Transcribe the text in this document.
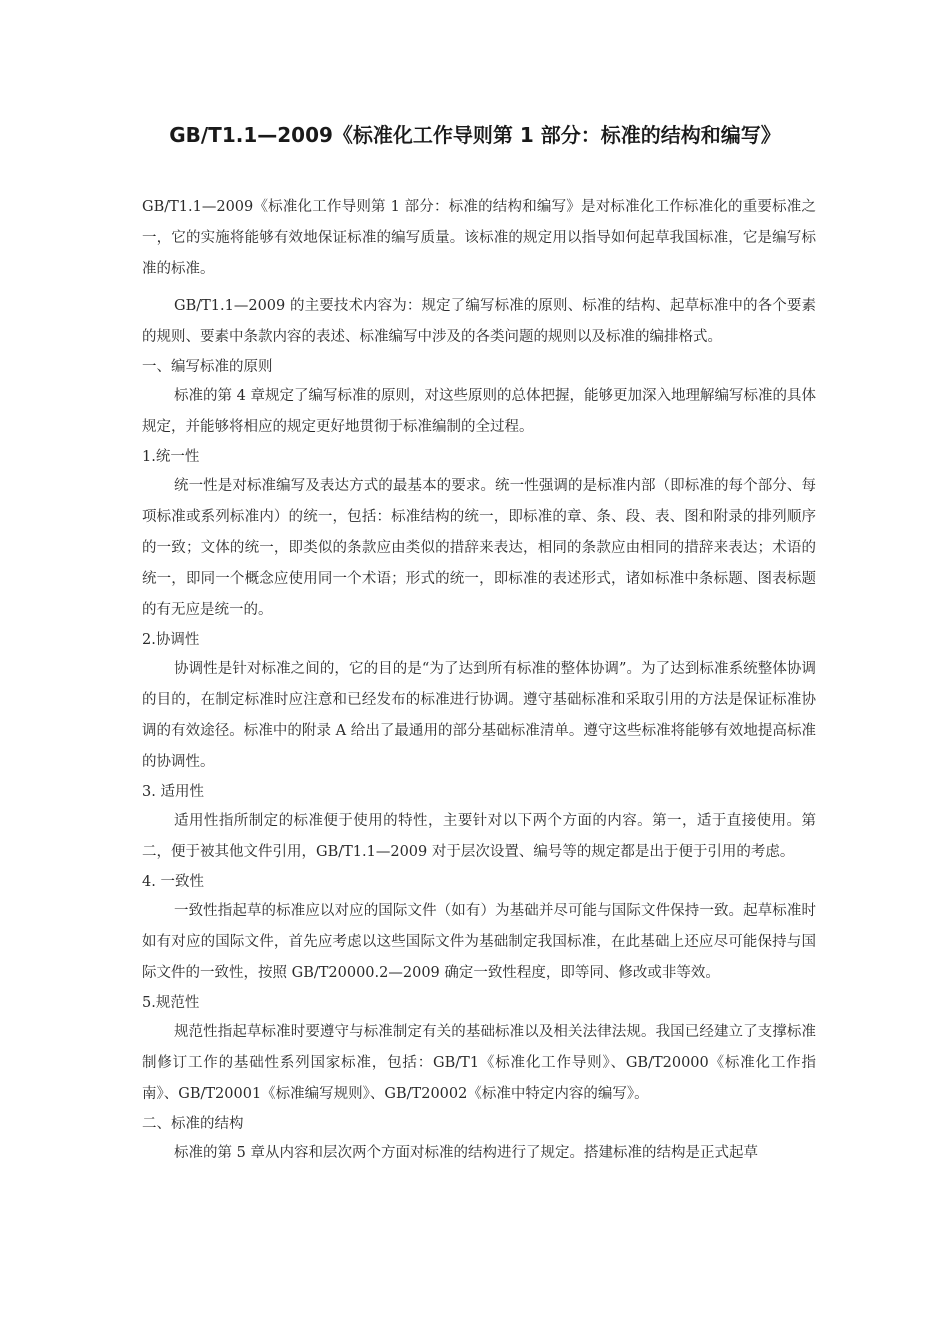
GB/T1.1—2009《标准化工作导则第 1 部分：标准的结构和编写》

GB/T1.1—2009《标准化工作导则第 1 部分：标准的结构和编写》是对标准化工作标准化的重要标准之一，它的实施将能够有效地保证标准的编写质量。该标准的规定用以指导如何起草我国标准，它是编写标准的标准。

GB/T1.1—2009 的主要技术内容为：规定了编写标准的原则、标准的结构、起草标准中的各个要素的规则、要素中条款内容的表述、标准编写中涉及的各类问题的规则以及标准的编排格式。

一、编写标准的原则

标准的第 4 章规定了编写标准的原则，对这些原则的总体把握，能够更加深入地理解编写标准的具体规定，并能够将相应的规定更好地贯彻于标准编制的全过程。

1.统一性

统一性是对标准编写及表达方式的最基本的要求。统一性强调的是标准内部（即标准的每个部分、每项标准或系列标准内）的统一，包括：标准结构的统一，即标准的章、条、段、表、图和附录的排列顺序的一致；文体的统一，即类似的条款应由类似的措辞来表达，相同的条款应由相同的措辞来表达；术语的统一，即同一个概念应使用同一个术语；形式的统一，即标准的表述形式，诸如标准中条标题、图表标题的有无应是统一的。

2.协调性

协调性是针对标准之间的，它的目的是“为了达到所有标准的整体协调”。为了达到标准系统整体协调的目的，在制定标准时应注意和已经发布的标准进行协调。遵守基础标准和采取引用的方法是保证标准协调的有效途径。标准中的附录 A 给出了最通用的部分基础标准清单。遵守这些标准将能够有效地提高标准的协调性。

3. 适用性

适用性指所制定的标准便于使用的特性，主要针对以下两个方面的内容。第一，适于直接使用。第二，便于被其他文件引用，GB/T1.1—2009 对于层次设置、编号等的规定都是出于便于引用的考虑。

4. 一致性

一致性指起草的标准应以对应的国际文件（如有）为基础并尽可能与国际文件保持一致。起草标准时如有对应的国际文件，首先应考虑以这些国际文件为基础制定我国标准，在此基础上还应尽可能保持与国际文件的一致性，按照 GB/T20000.2—2009 确定一致性程度，即等同、修改或非等效。

5.规范性

规范性指起草标准时要遵守与标准制定有关的基础标准以及相关法律法规。我国已经建立了支撑标准制修订工作的基础性系列国家标准，包括：GB/T1《标准化工作导则》、GB/T20000《标准化工作指南》、GB/T20001《标准编写规则》、GB/T20002《标准中特定内容的编写》。

二、标准的结构

标准的第 5 章从内容和层次两个方面对标准的结构进行了规定。搭建标准的结构是正式起草
